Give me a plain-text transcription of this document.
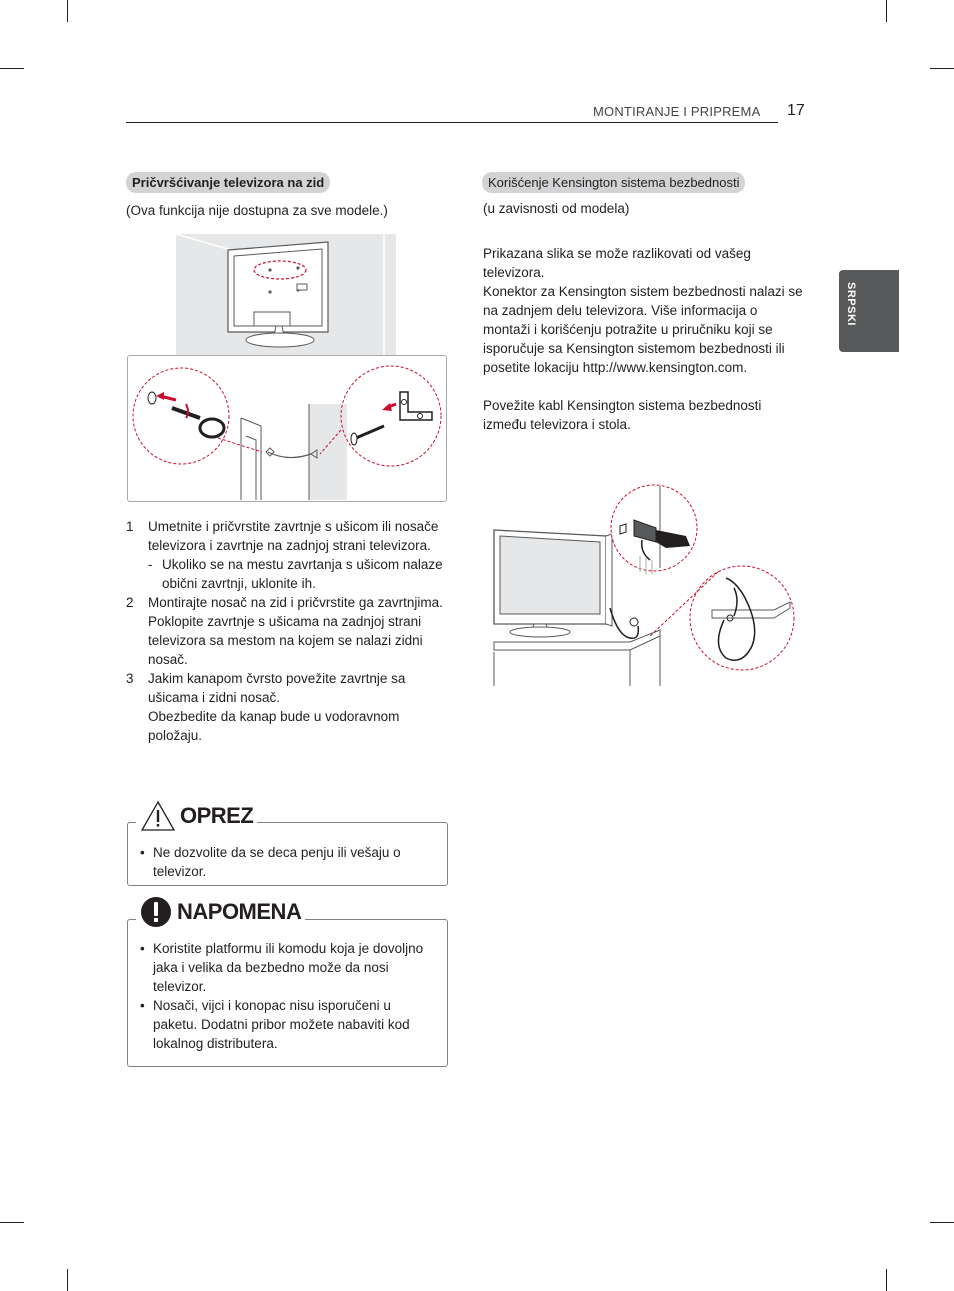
MONTIRANJE I PRIPREMA 17
SRPSKI
Pričvršćivanje televizora na zid
(Ova funkcija nije dostupna za sve modele.)
1 Umetnite i pričvrstite zavrtnje s ušicom ili nosače televizora i zavrtnje na zadnjoj strani televizora.

- Ukoliko se na mestu zavrtanja s ušicom nalaze obični zavrtnji, uklonite ih.

2 Montirajte nosač na zid i pričvrstite ga zavrtnjima.

Poklopite zavrtnje s ušicama na zadnjoj strani televizora sa mestom na kojem se nalazi zidni nosač.

3 Jakim kanapom čvrsto povežite zavrtnje sa ušicama i zidni nosač.

Obezbedite da kanap bude u vodoravnom položaju.

• Ne dozvolite da se deca penju ili vešaju o televizor.
OPREZ
• Koristite platformu ili komodu koja je dovoljno jaka i velika da bezbedno može da nosi televizor.
• Nosači, vijci i konopac nisu isporučeni u paketu. Dodatni pribor možete nabaviti kod lokalnog distributera.
NAPOMENA
Korišćenje Kensington sistema bezbednosti
(u zavisnosti od modela)

Prikazana slika se može razlikovati od vašeg televizora.

Konektor za Kensington sistem bezbednosti nalazi se na zadnjem delu televizora. Više informacija o montaži i korišćenju potražite u priručniku koji se isporučuje sa Kensington sistemom bezbednosti ili posetite lokaciju http://www.kensington.com.

Povežite kabl Kensington sistema bezbednosti između televizora i stola.
